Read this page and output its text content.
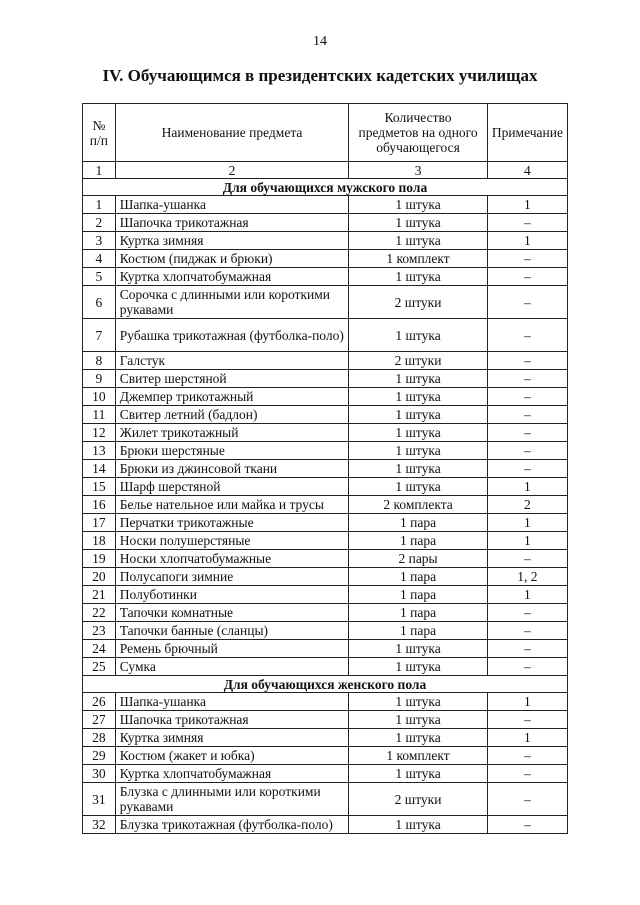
14
IV. Обучающимся в президентских кадетских училищах
№ п/п	Наименование предмета	Количество предметов на одного обучающегося	Примечание
1	2	3	4
Для обучающихся мужского пола			
1	Шапка-ушанка	1 штука	1
2	Шапочка трикотажная	1 штука	–
3	Куртка зимняя	1 штука	1
4	Костюм (пиджак и брюки)	1 комплект	–
5	Куртка хлопчатобумажная	1 штука	–
6	Сорочка с длинными или короткими рукавами	2 штуки	–
7	Рубашка трикотажная (футболка-поло)	1 штука	–
8	Галстук	2 штуки	–
9	Свитер шерстяной	1 штука	–
10	Джемпер трикотажный	1 штука	–
11	Свитер летний (бадлон)	1 штука	–
12	Жилет трикотажный	1 штука	–
13	Брюки шерстяные	1 штука	–
14	Брюки из джинсовой ткани	1 штука	–
15	Шарф шерстяной	1 штука	1
16	Белье нательное или майка и трусы	2 комплекта	2
17	Перчатки трикотажные	1 пара	1
18	Носки полушерстяные	1 пара	1
19	Носки хлопчатобумажные	2 пары	–
20	Полусапоги зимние	1 пара	1, 2
21	Полуботинки	1 пара	1
22	Тапочки комнатные	1 пара	–
23	Тапочки банные (сланцы)	1 пара	–
24	Ремень брючный	1 штука	–
25	Сумка	1 штука	–
Для обучающихся женского пола			
26	Шапка-ушанка	1 штука	1
27	Шапочка трикотажная	1 штука	–
28	Куртка зимняя	1 штука	1
29	Костюм (жакет и юбка)	1 комплект	–
30	Куртка хлопчатобумажная	1 штука	–
31	Блузка с длинными или короткими рукавами	2 штуки	–
32	Блузка трикотажная (футболка-поло)	1 штука	–
